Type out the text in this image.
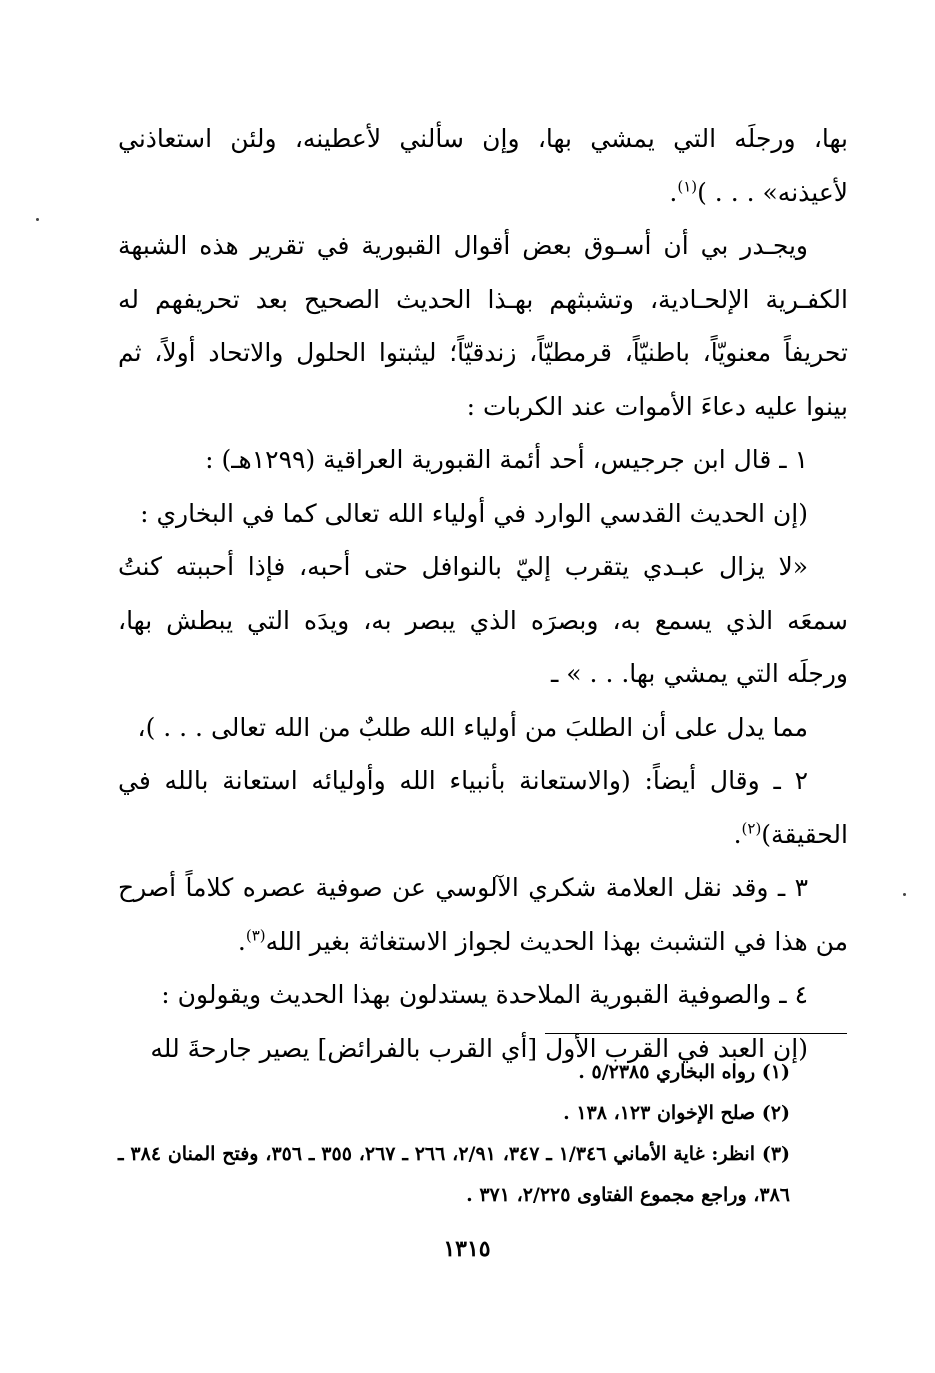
بها، ورجلَه التي يمشي بها، وإن سألني لأعطينه، ولئن استعاذني لأعيذنه» . . . )$^{(١)}$.

ويجـدر بي أن أسـوق بعض أقوال القبورية في تقرير هذه الشبهة الكفـرية الإلحـادية، وتشبثهم بهـذا الحديث الصحيح بعد تحريفهم له تحريفاً معنويّاً، باطنيّاً، قرمطيّاً، زندقيّاً؛ ليثبتوا الحلول والاتحاد أولاً، ثم بينوا عليه دعاءَ الأموات عند الكربات :

١ ـ قال ابن جرجيس، أحد أئمة القبورية العراقية (١٢٩٩هـ) :

(إن الحديث القدسي الوارد في أولياء الله تعالى كما في البخاري :

«لا يزال عبـدي يتقرب إليّ بالنوافل حتى أحبه، فإذا أحببته كنتُ سمعَه الذي يسمع به، وبصرَه الذي يبصر به، ويدَه التي يبطش بها، ورجلَه التي يمشي بها. . . » ـ

مما يدل على أن الطلبَ من أولياء الله طلبٌ من الله تعالى . . . )،

٢ ـ وقال أيضاً: (والاستعانة بأنبياء الله وأوليائه استعانة بالله في الحقيقة)$^{(٢)}$.

٣ ـ وقد نقل العلامة شكري الآلوسي عن صوفية عصره كلاماً أصرح من هذا في التشبث بهذا الحديث لجواز الاستغاثة بغير الله$^{(٣)}$.

٤ ـ والصوفية القبورية الملاحدة يستدلون بهذا الحديث ويقولون :

(إن العبد في القرب الأول [أي القرب بالفرائض] يصير جارحةَ لله

(١) رواه البخاري ٥/٢٣٨٥ .

(٢) صلح الإخوان ١٢٣، ١٣٨ .

(٣) انظر: غاية الأماني ١/٣٤٦ ـ ٣٤٧، ٢/٩١، ٢٦٦ ـ ٢٦٧، ٣٥٥ ـ ٣٥٦، وفتح المنان ٣٨٤ ـ ٣٨٦، وراجع مجموع الفتاوى ٢/٢٢٥، ٣٧١ .

١٣١٥
